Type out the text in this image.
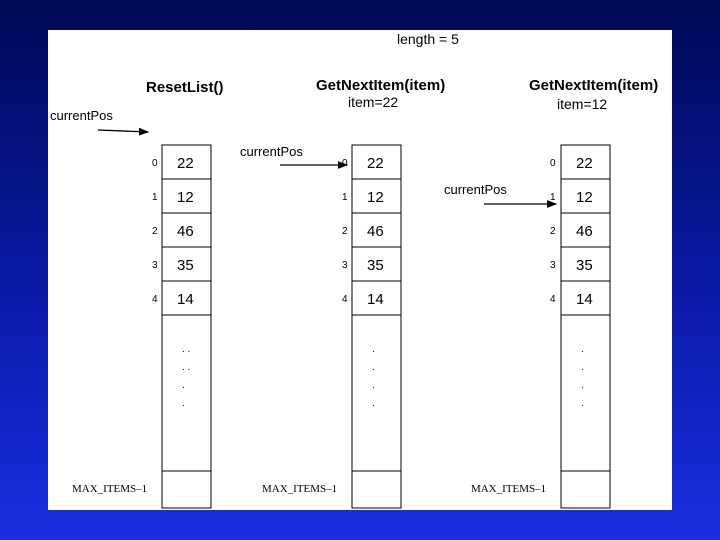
length = 5
ResetList()
22
0
12
1
46
2
35
3
14
4
. .
. .
.
.
MAX_ITEMS–1
currentPos
GetNextItem(item)
item=22
22
0
12
1
46
2
35
3
14
4
.
.
.
.
MAX_ITEMS–1
currentPos
GetNextItem(item)
item=12
22
0
12
1
46
2
35
3
14
4
.
.
.
.
MAX_ITEMS–1
currentPos
